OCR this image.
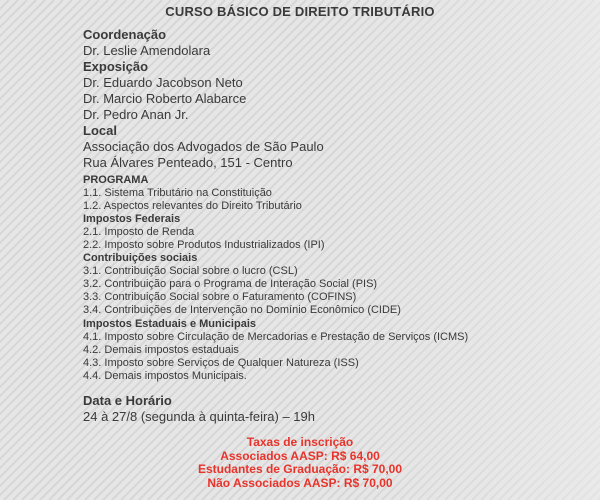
CURSO BÁSICO DE DIREITO TRIBUTÁRIO
Coordenação
Dr. Leslie Amendolara
Exposição
Dr. Eduardo Jacobson Neto
Dr. Marcio Roberto Alabarce
Dr. Pedro Anan Jr.
Local
Associação dos Advogados de São Paulo
Rua Álvares Penteado, 151 - Centro
PROGRAMA
1.1. Sistema Tributário na Constituição
1.2. Aspectos relevantes do Direito Tributário
Impostos Federais
2.1. Imposto de Renda
2.2. Imposto sobre Produtos Industrializados (IPI)
Contribuições sociais
3.1. Contribuição Social sobre o lucro (CSL)
3.2. Contribuição para o Programa de Interação Social (PIS)
3.3. Contribuição Social sobre o Faturamento (COFINS)
3.4. Contribuições de Intervenção no Domínio Econômico (CIDE)
Impostos Estaduais e Municipais
4.1. Imposto sobre Circulação de Mercadorias e Prestação de Serviços (ICMS)
4.2. Demais impostos estaduais
4.3. Imposto sobre Serviços de Qualquer Natureza (ISS)
4.4. Demais impostos Municipais.
Data e Horário
24 à 27/8 (segunda à quinta-feira) – 19h
Taxas de inscrição
Associados AASP: R$ 64,00
Estudantes de Graduação: R$ 70,00
Não Associados AASP: R$ 70,00
